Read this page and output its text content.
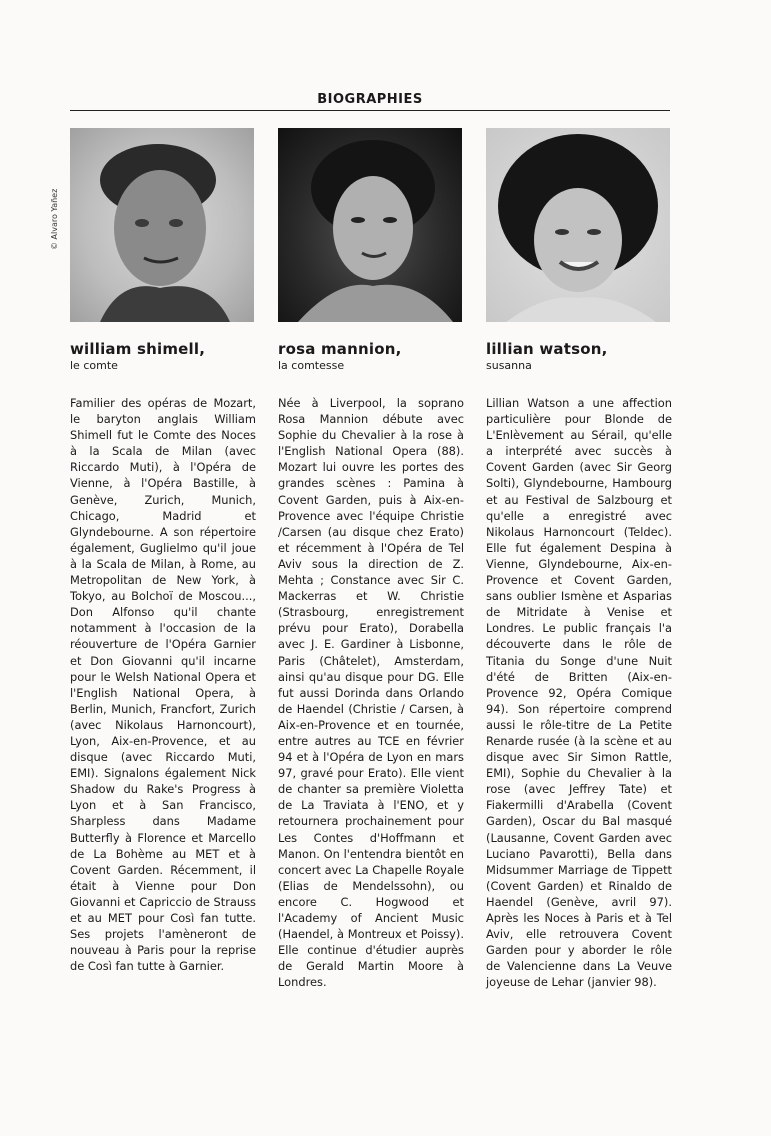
BIOGRAPHIES
© Alvaro Yañez
william shimell,
le comte
Familier des opéras de Mozart, le baryton anglais William Shimell fut le Comte des Noces à la Scala de Milan (avec Riccardo Muti), à l'Opéra de Vienne, à l'Opéra Bastille, à Genève, Zurich, Munich, Chicago, Madrid et Glyndebourne. A son répertoire également, Guglielmo qu'il joue à la Scala de Milan, à Rome, au Metropolitan de New York, à Tokyo, au Bolchoï de Moscou..., Don Alfonso qu'il chante notamment à l'occasion de la réouverture de l'Opéra Garnier et Don Giovanni qu'il incarne pour le Welsh National Opera et l'English National Opera, à Berlin, Munich, Francfort, Zurich (avec Nikolaus Harnoncourt), Lyon, Aix-en-Provence, et au disque (avec Riccardo Muti, EMI). Signalons également Nick Shadow du Rake's Progress à Lyon et à San Francisco, Sharpless dans Madame Butterfly à Florence et Marcello de La Bohème au MET et à Covent Garden. Récemment, il était à Vienne pour Don Giovanni et Capriccio de Strauss et au MET pour Così fan tutte. Ses projets l'amèneront de nouveau à Paris pour la reprise de Così fan tutte à Garnier.
rosa mannion,
la comtesse
Née à Liverpool, la soprano Rosa Mannion débute avec Sophie du Chevalier à la rose à l'English National Opera (88). Mozart lui ouvre les portes des grandes scènes : Pamina à Covent Garden, puis à Aix-en-Provence avec l'équipe Christie /Carsen (au disque chez Erato) et récemment à l'Opéra de Tel Aviv sous la direction de Z. Mehta ; Constance avec Sir C. Mackerras et W. Christie (Strasbourg, enregistrement prévu pour Erato), Dorabella avec J. E. Gardiner à Lisbonne, Paris (Châtelet), Amsterdam, ainsi qu'au disque pour DG. Elle fut aussi Dorinda dans Orlando de Haendel (Christie / Carsen, à Aix-en-Provence et en tournée, entre autres au TCE en février 94 et à l'Opéra de Lyon en mars 97, gravé pour Erato). Elle vient de chanter sa première Violetta de La Traviata à l'ENO, et y retournera prochainement pour Les Contes d'Hoffmann et Manon. On l'entendra bientôt en concert avec La Chapelle Royale (Elias de Mendelssohn), ou encore C. Hogwood et l'Academy of Ancient Music (Haendel, à Montreux et Poissy). Elle continue d'étudier auprès de Gerald Martin Moore à Londres.
lillian watson,
susanna
Lillian Watson a une affection particulière pour Blonde de L'Enlèvement au Sérail, qu'elle a interprété avec succès à Covent Garden (avec Sir Georg Solti), Glyndebourne, Hambourg et au Festival de Salzbourg et qu'elle a enregistré avec Nikolaus Harnoncourt (Teldec). Elle fut également Despina à Vienne, Glyndebourne, Aix-en-Provence et Covent Garden, sans oublier Ismène et Asparias de Mitridate à Venise et Londres. Le public français l'a découverte dans le rôle de Titania du Songe d'une Nuit d'été de Britten (Aix-en-Provence 92, Opéra Comique 94). Son répertoire comprend aussi le rôle-titre de La Petite Renarde rusée (à la scène et au disque avec Sir Simon Rattle, EMI), Sophie du Chevalier à la rose (avec Jeffrey Tate) et Fiakermilli d'Arabella (Covent Garden), Oscar du Bal masqué (Lausanne, Covent Garden avec Luciano Pavarotti), Bella dans Midsummer Marriage de Tippett (Covent Garden) et Rinaldo de Haendel (Genève, avril 97). Après les Noces à Paris et à Tel Aviv, elle retrouvera Covent Garden pour y aborder le rôle de Valencienne dans La Veuve joyeuse de Lehar (janvier 98).
